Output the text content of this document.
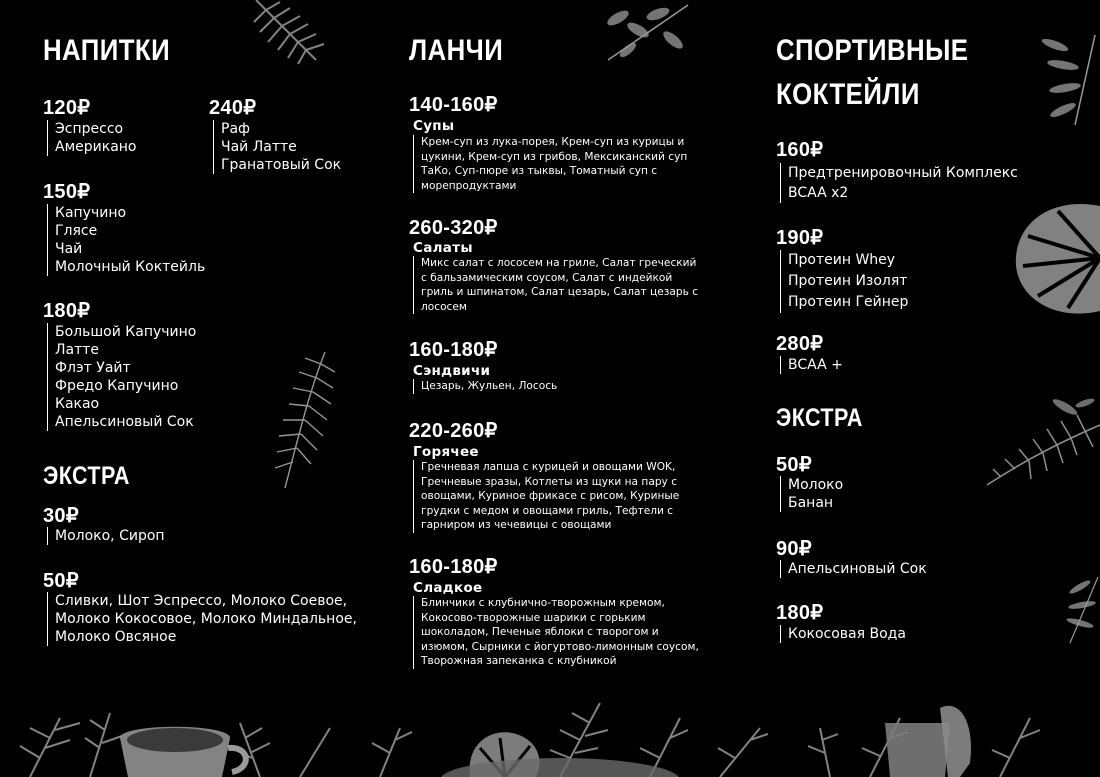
НАПИТКИ
120₽
Эспрессо
Американо
240₽
Раф
Чай Латте
Гранатовый Сок
150₽
Капучино
Глясе
Чай
Молочный Коктейль
180₽
Большой Капучино
Латте
Флэт Уайт
Фредо Капучино
Какао
Апельсиновый Сок
ЭКСТРА
30₽
Молоко, Сироп
50₽
Сливки, Шот Эспрессо, Молоко Соевое,
Молоко Кокосовое, Молоко Миндальное,
Молоко Овсяное
ЛАНЧИ
140-160₽
Супы
Крем-суп из лука-порея, Крем-суп из курицы и цукини, Крем-суп из грибов, Мексиканский суп ТаКо, Суп-пюре из тыквы, Томатный суп с морепродуктами
260-320₽
Салаты
Микс салат с лососем на гриле, Салат греческий с бальзамическим соусом, Салат с индейкой гриль и шпинатом, Салат цезарь, Салат цезарь с лососем
160-180₽
Сэндвичи
Цезарь, Жульен, Лосось
220-260₽
Горячее
Гречневая лапша с курицей и овощами WOK, Гречневые зразы, Котлеты из щуки на пару с овощами, Куриное фрикасе с рисом, Куриные грудки с медом и овощами гриль, Тефтели с гарниром из чечевицы с овощами
160-180₽
Сладкое
Блинчики с клубнично-творожным кремом, Кокосово-творожные шарики с горьким шоколадом, Печеные яблоки с творогом и изюмом, Сырники с йогуртово-лимонным соусом, Творожная запеканка с клубникой
СПОРТИВНЫЕ
КОКТЕЙЛИ
160₽
Предтренировочный Комплекс
BCAA x2
190₽
Протеин Whey
Протеин Изолят
Протеин Гейнер
280₽
BCAA +
ЭКСТРА
50₽
Молоко
Банан
90₽
Апельсиновый Сок
180₽
Кокосовая Вода
